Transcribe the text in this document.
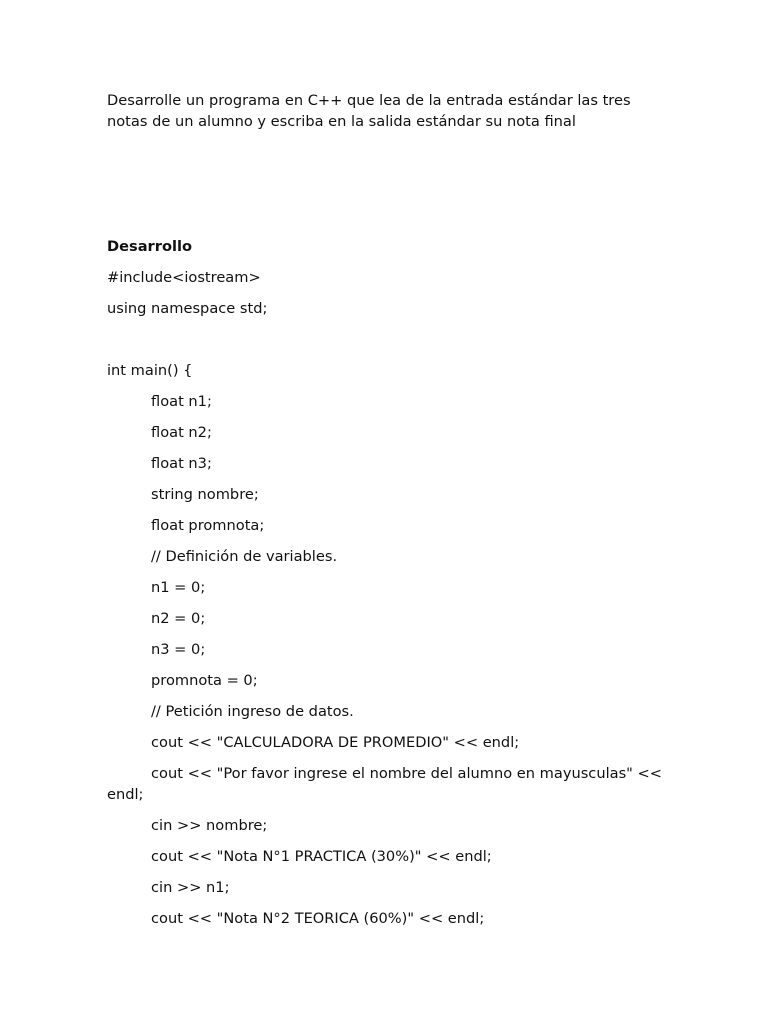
Desarrolle un programa en C++ que lea de la entrada estándar las tres notas de un alumno y escriba en la salida estándar su nota final

Desarrollo

#include<iostream>
using namespace std;
int main() {
float n1;
float n2;
float n3;
string nombre;
float promnota;
// Definición de variables.
n1 = 0;
n2 = 0;
n3 = 0;
promnota = 0;
// Petición ingreso de datos.
cout << "CALCULADORA DE PROMEDIO" << endl;
cout << "Por favor ingrese el nombre del alumno en mayusculas" << endl;
cin >> nombre;
cout << "Nota N°1 PRACTICA (30%)" << endl;
cin >> n1;
cout << "Nota N°2 TEORICA (60%)" << endl;
